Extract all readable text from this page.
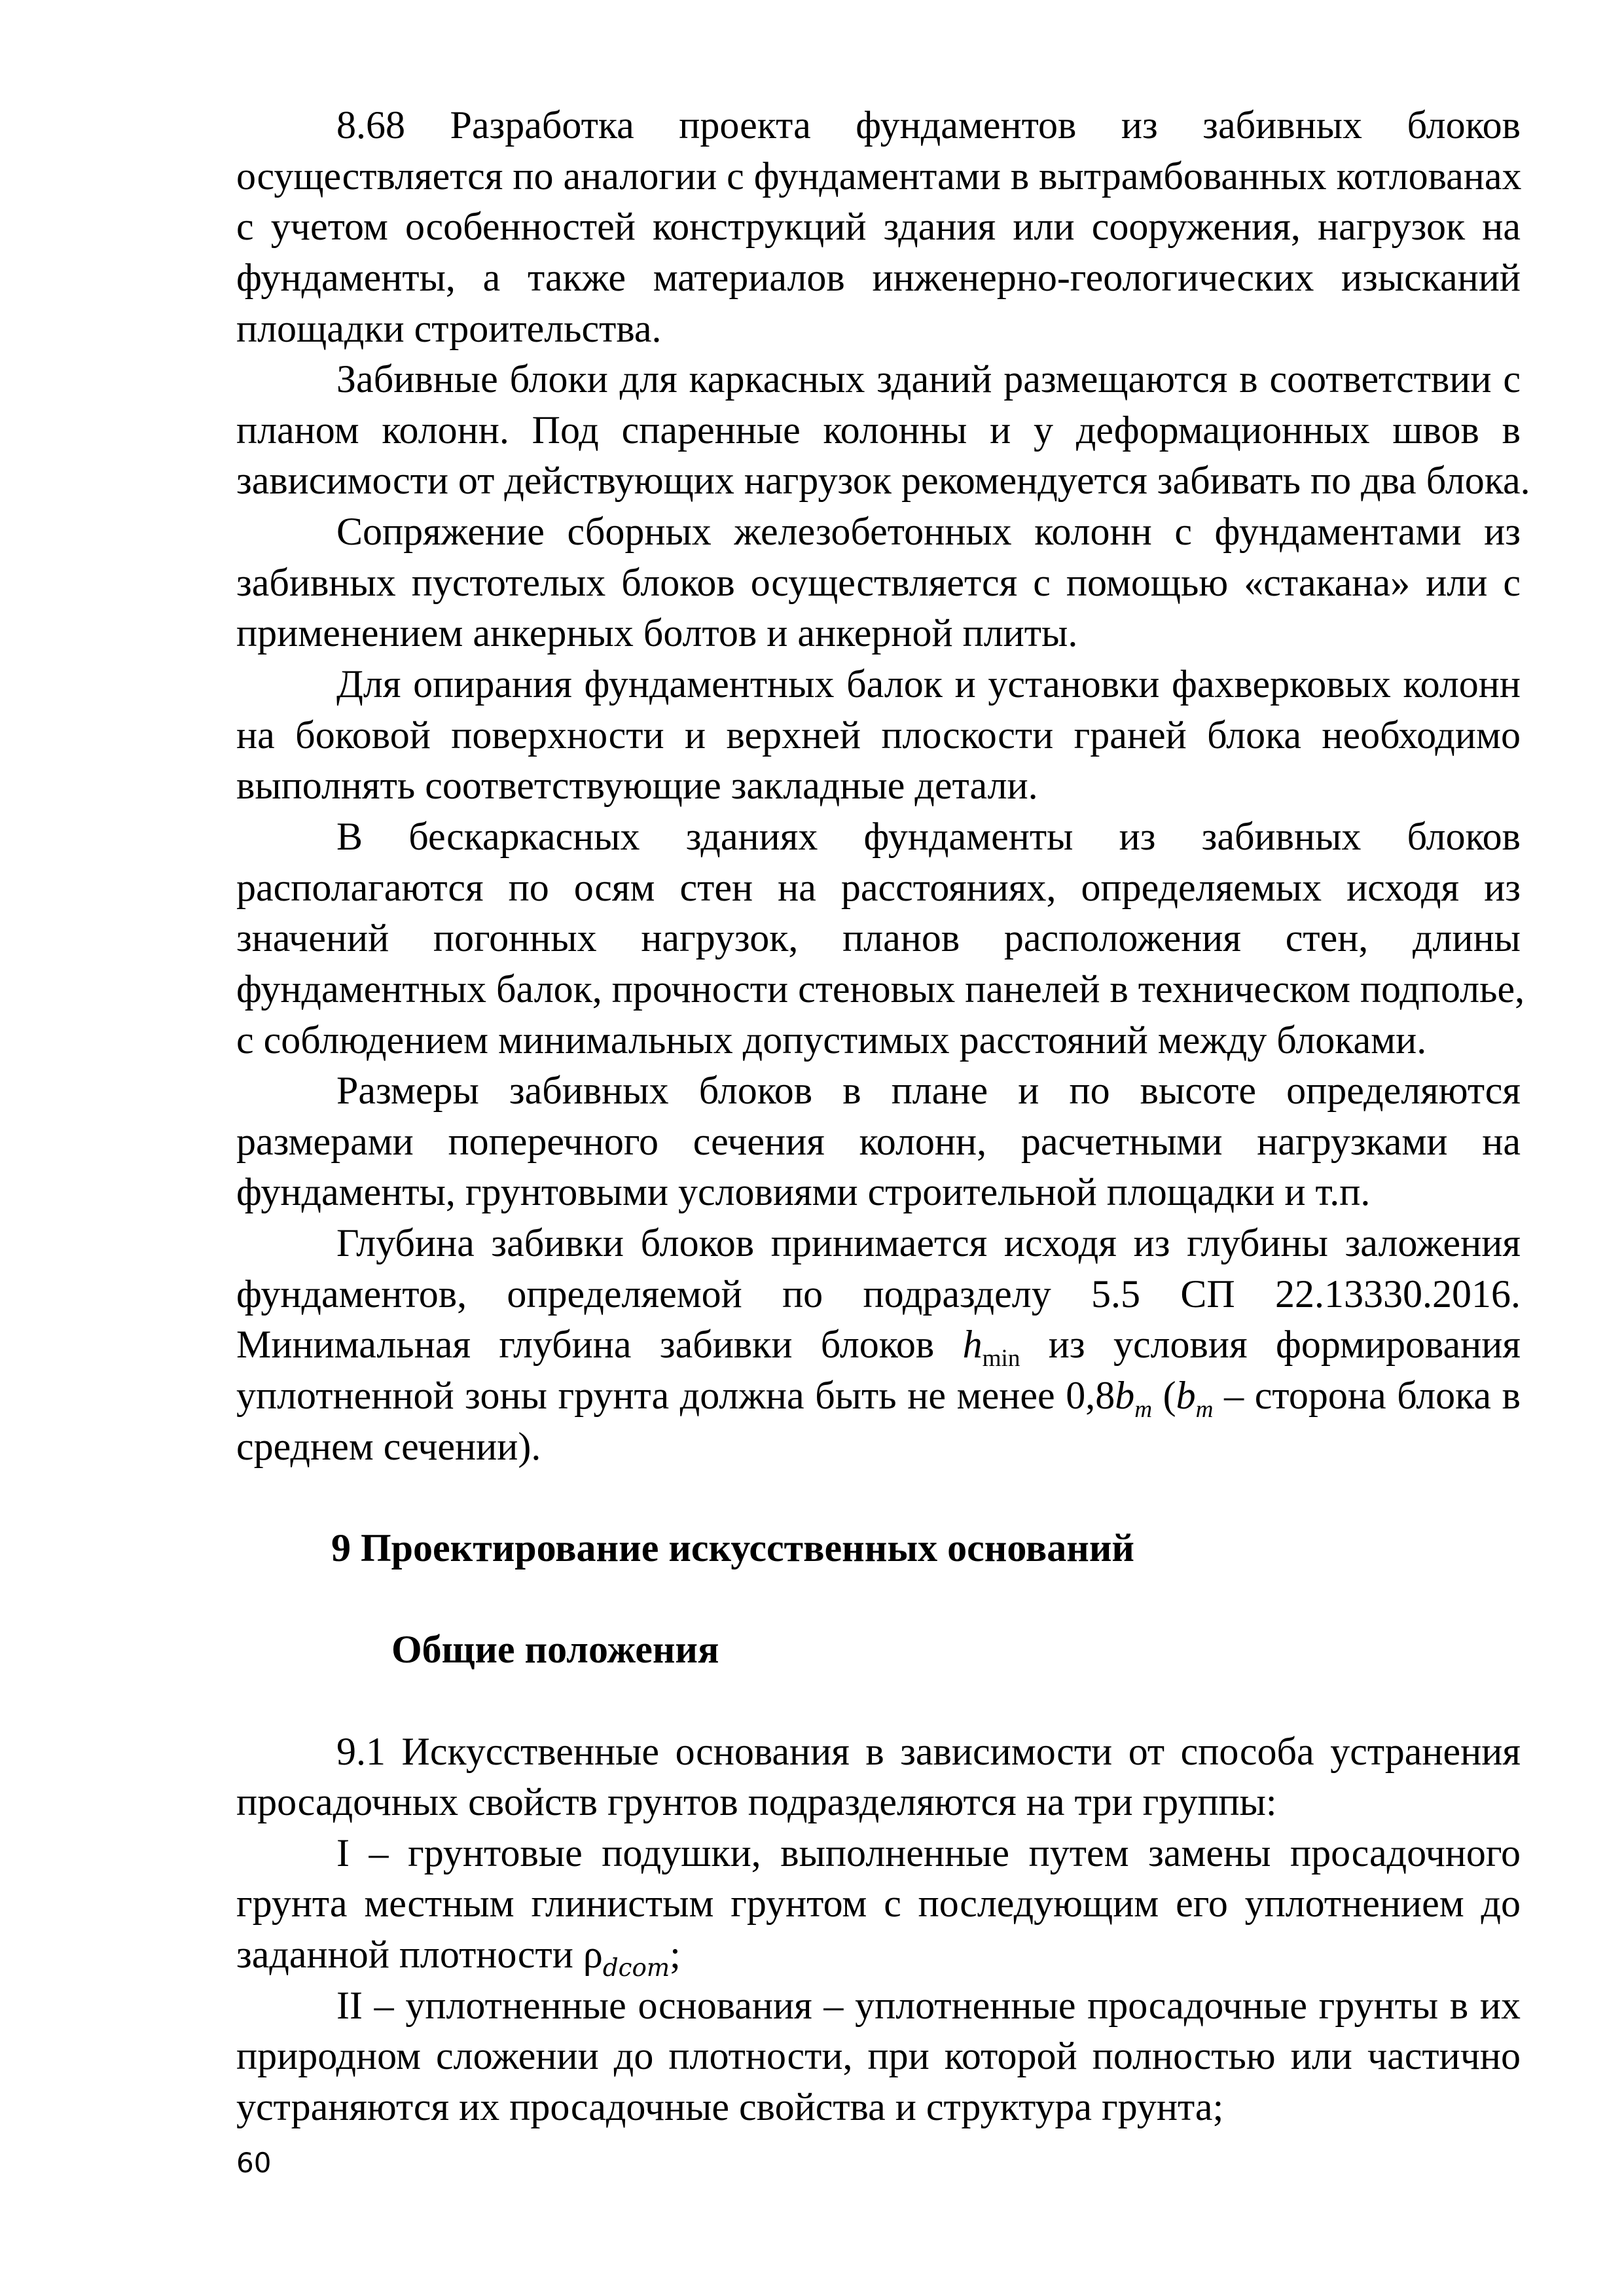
8.68 Разработка проекта фундаментов из забивных блоков
осуществляется по аналогии с фундаментами в вытрамбованных котлованах
с учетом особенностей конструкций здания или сооружения, нагрузок на
фундаменты, а также материалов инженерно-геологических изысканий
площадки строительства.
Забивные блоки для каркасных зданий размещаются в соответствии с
планом колонн. Под спаренные колонны и у деформационных швов в
зависимости от действующих нагрузок рекомендуется забивать по два блока.
Сопряжение сборных железобетонных колонн с фундаментами из
забивных пустотелых блоков осуществляется с помощью «стакана» или с
применением анкерных болтов и анкерной плиты.
Для опирания фундаментных балок и установки фахверковых колонн
на боковой поверхности и верхней плоскости граней блока необходимо
выполнять соответствующие закладные детали.
В бескаркасных зданиях фундаменты из забивных блоков
располагаются по осям стен на расстояниях, определяемых исходя из
значений погонных нагрузок, планов расположения стен, длины
фундаментных балок, прочности стеновых панелей в техническом подполье,
с соблюдением минимальных допустимых расстояний между блоками.
Размеры забивных блоков в плане и по высоте определяются
размерами поперечного сечения колонн, расчетными нагрузками на
фундаменты, грунтовыми условиями строительной площадки и т.п.
Глубина забивки блоков принимается исходя из глубины заложения
фундаментов, определяемой по подразделу 5.5 СП 22.13330.2016.
Минимальная глубина забивки блоков $h_{min}$ из условия формирования
уплотненной зоны грунта должна быть не менее $0,8b_m$ ($b_m$ – сторона блока в
среднем сечении).
9 Проектирование искусственных оснований
Общие положения
9.1 Искусственные основания в зависимости от способа устранения
просадочных свойств грунтов подразделяются на три группы:
I – грунтовые подушки, выполненные путем замены просадочного
грунта местным глинистым грунтом с последующим его уплотнением до
заданной плотности $\rho_{dcom}$;
II – уплотненные основания – уплотненные просадочные грунты в их
природном сложении до плотности, при которой полностью или частично
устраняются их просадочные свойства и структура грунта;
60
